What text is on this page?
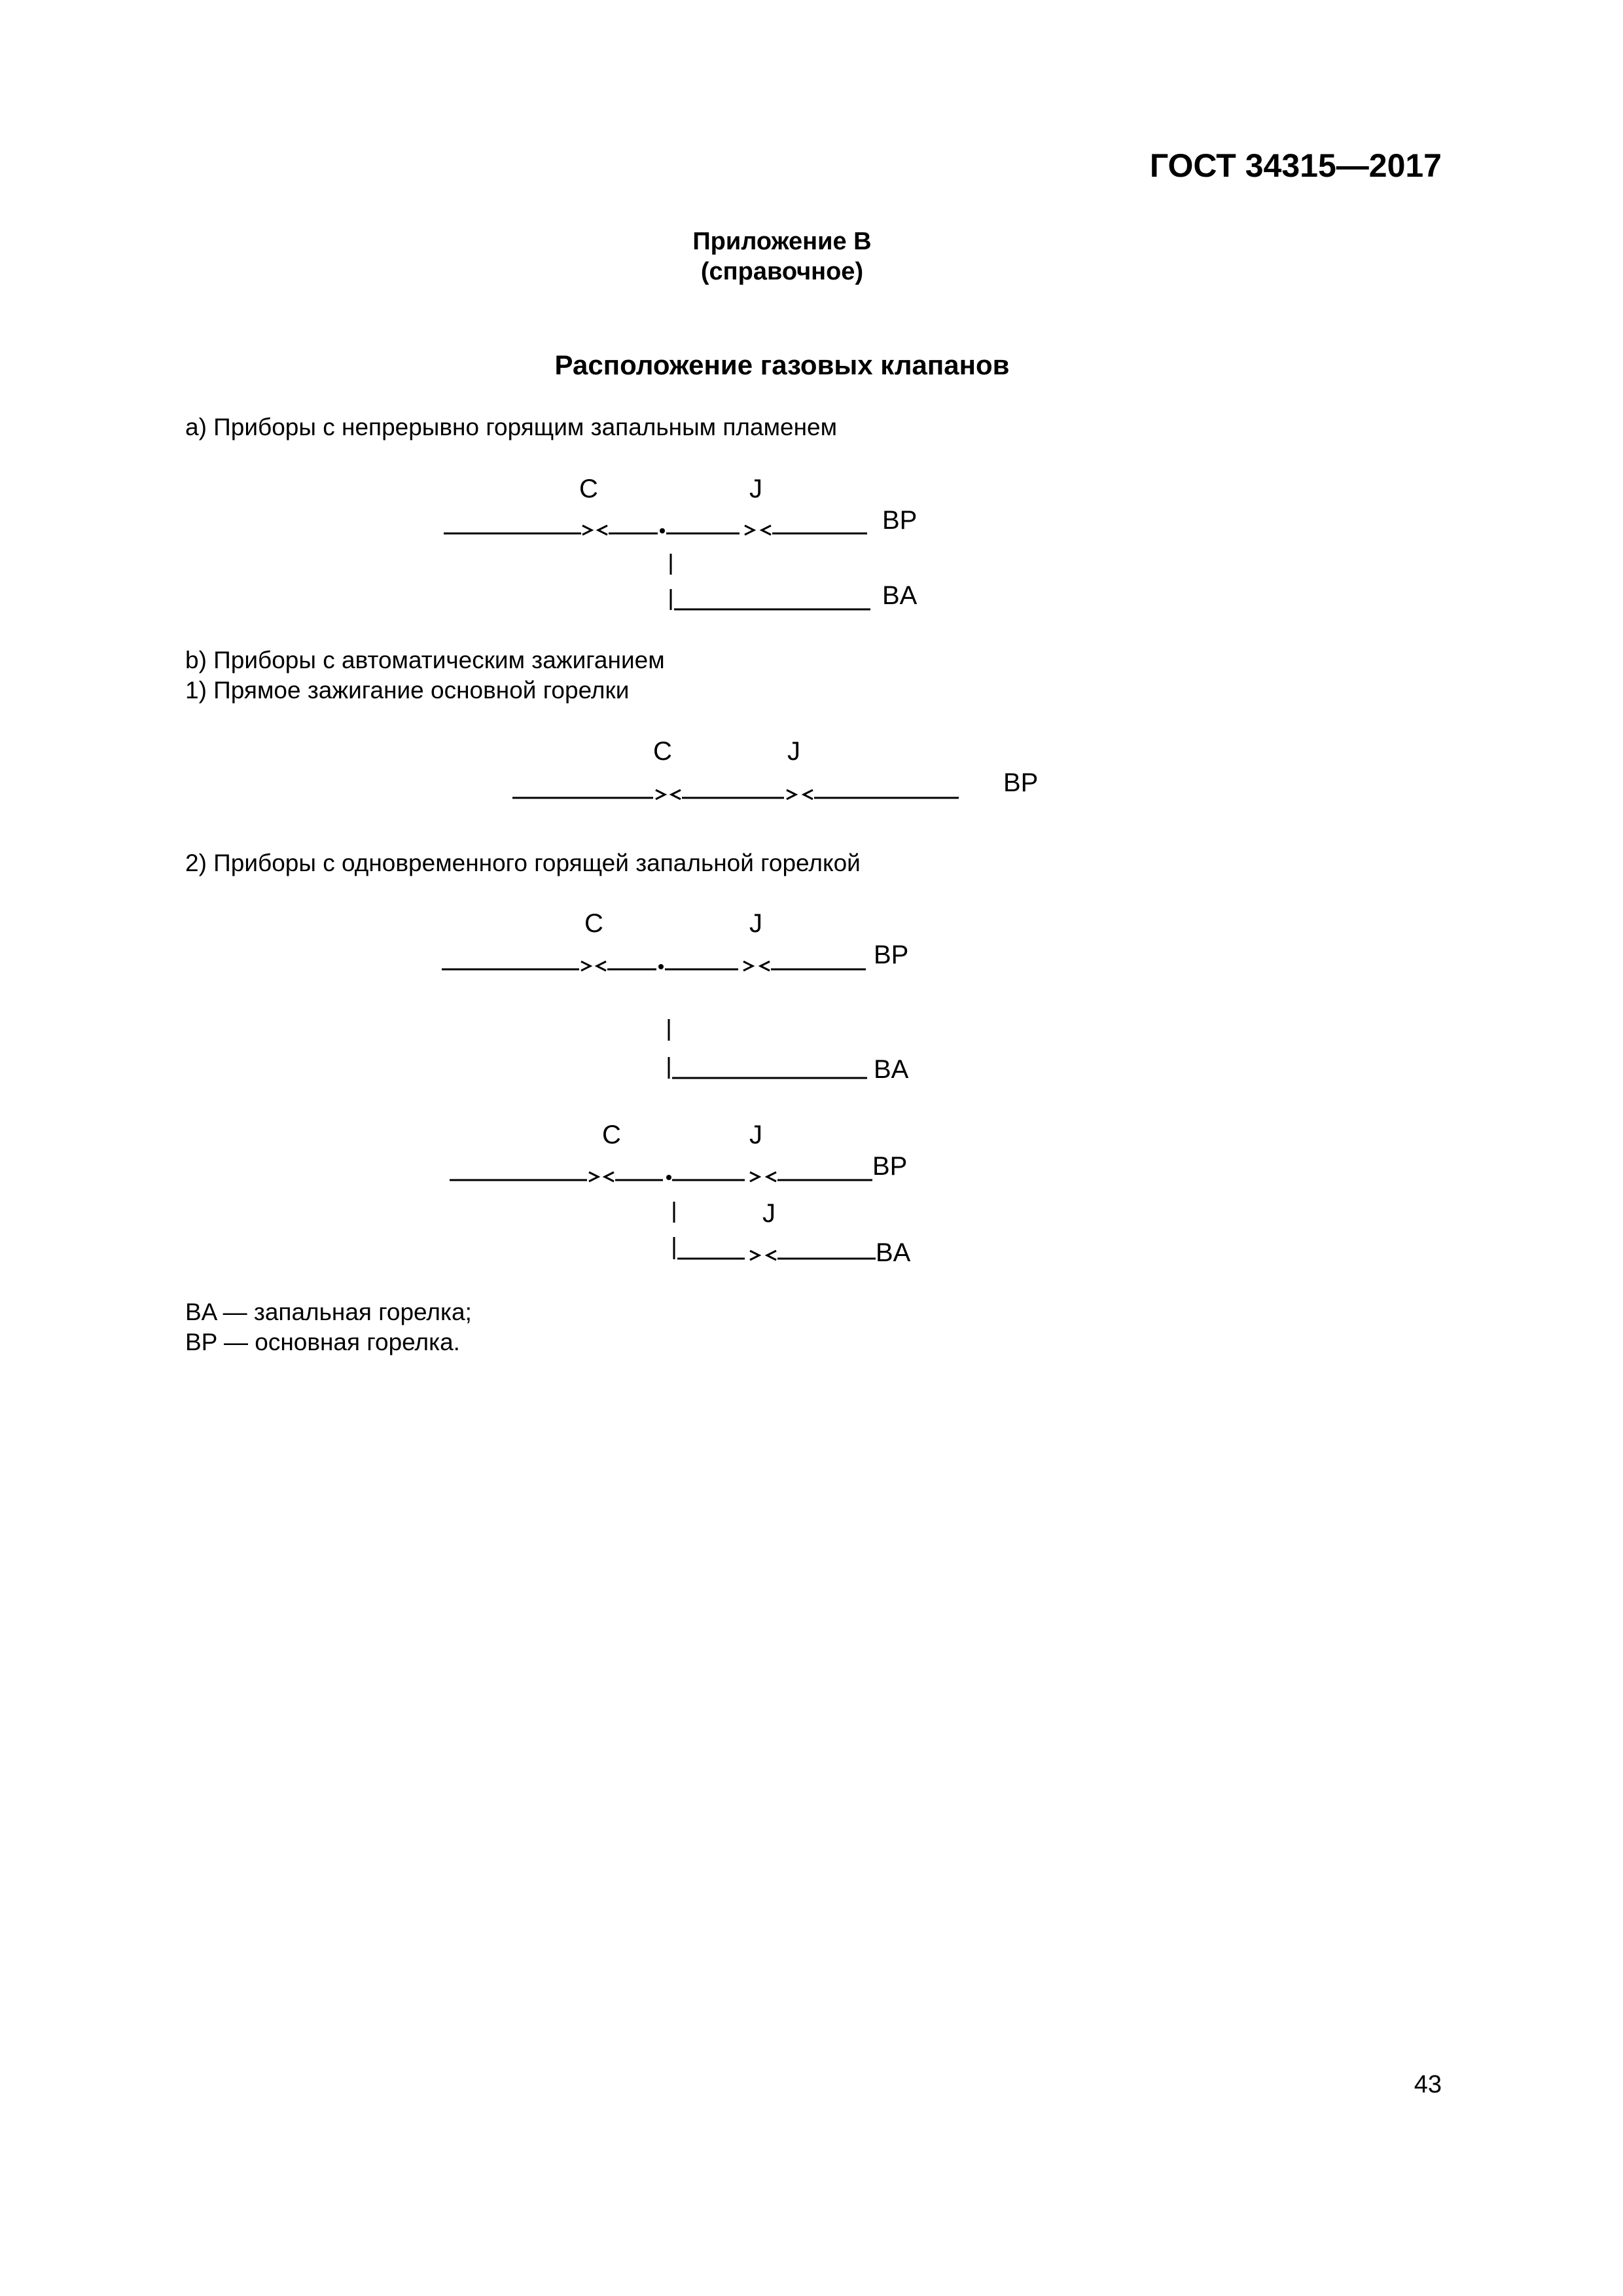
ГОСТ 34315—2017
Приложение В
(справочное)
Расположение газовых клапанов
а) Приборы с непрерывно горящим запальным пламенем
C	J
BP
BA
b) Приборы с автоматическим зажиганием
1) Прямое зажигание основной горелки
C	J
BP
2) Приборы с одновременного горящей запальной горелкой
C	J
BP
BA
C	J
BP
J
BA
BA — запальная горелка;
BP — основная горелка.
43
